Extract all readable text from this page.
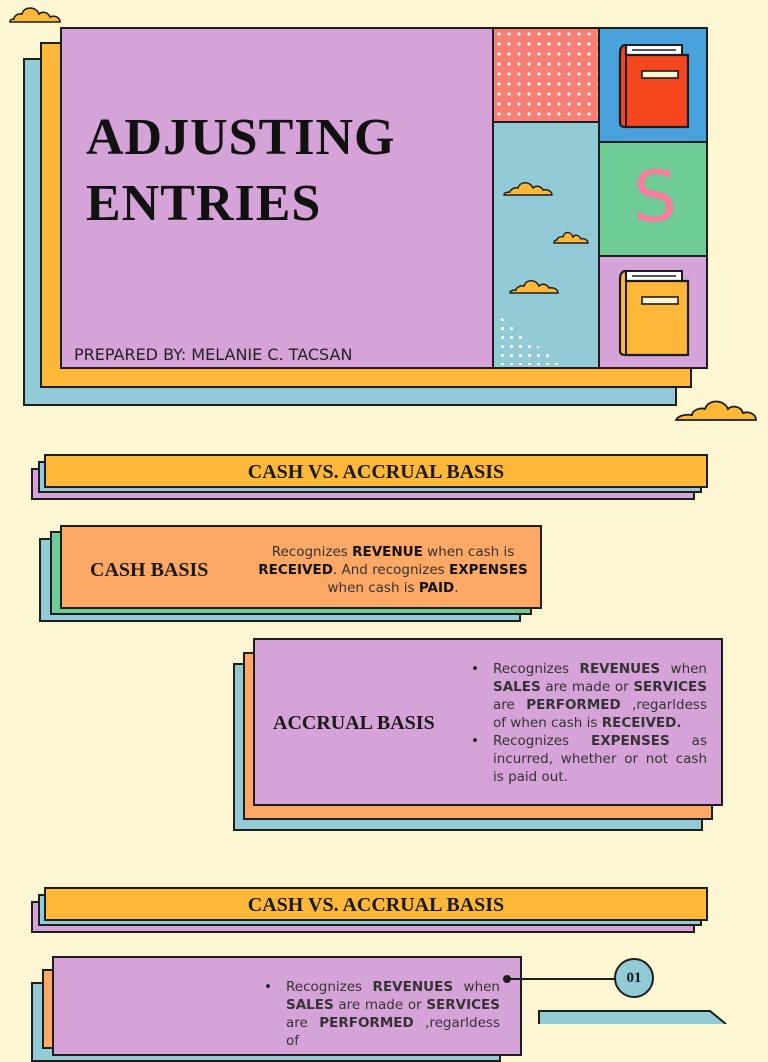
ADJUSTING
ENTRIES
PREPARED BY: MELANIE C. TACSAN
S
CASH VS. ACCRUAL BASIS
CASH BASIS
Recognizes REVENUE when cash is RECEIVED. And recognizes EXPENSES when cash is PAID.
ACCRUAL BASIS
• Recognizes REVENUES when SALES are made or SERVICES are PERFORMED ,regarldess of when cash is RECEIVED.
• Recognizes EXPENSES as incurred, whether or not cash is paid out.
CASH VS. ACCRUAL BASIS
• Recognizes REVENUES when SALES are made or SERVICES are PERFORMED ,regarldess of
01
